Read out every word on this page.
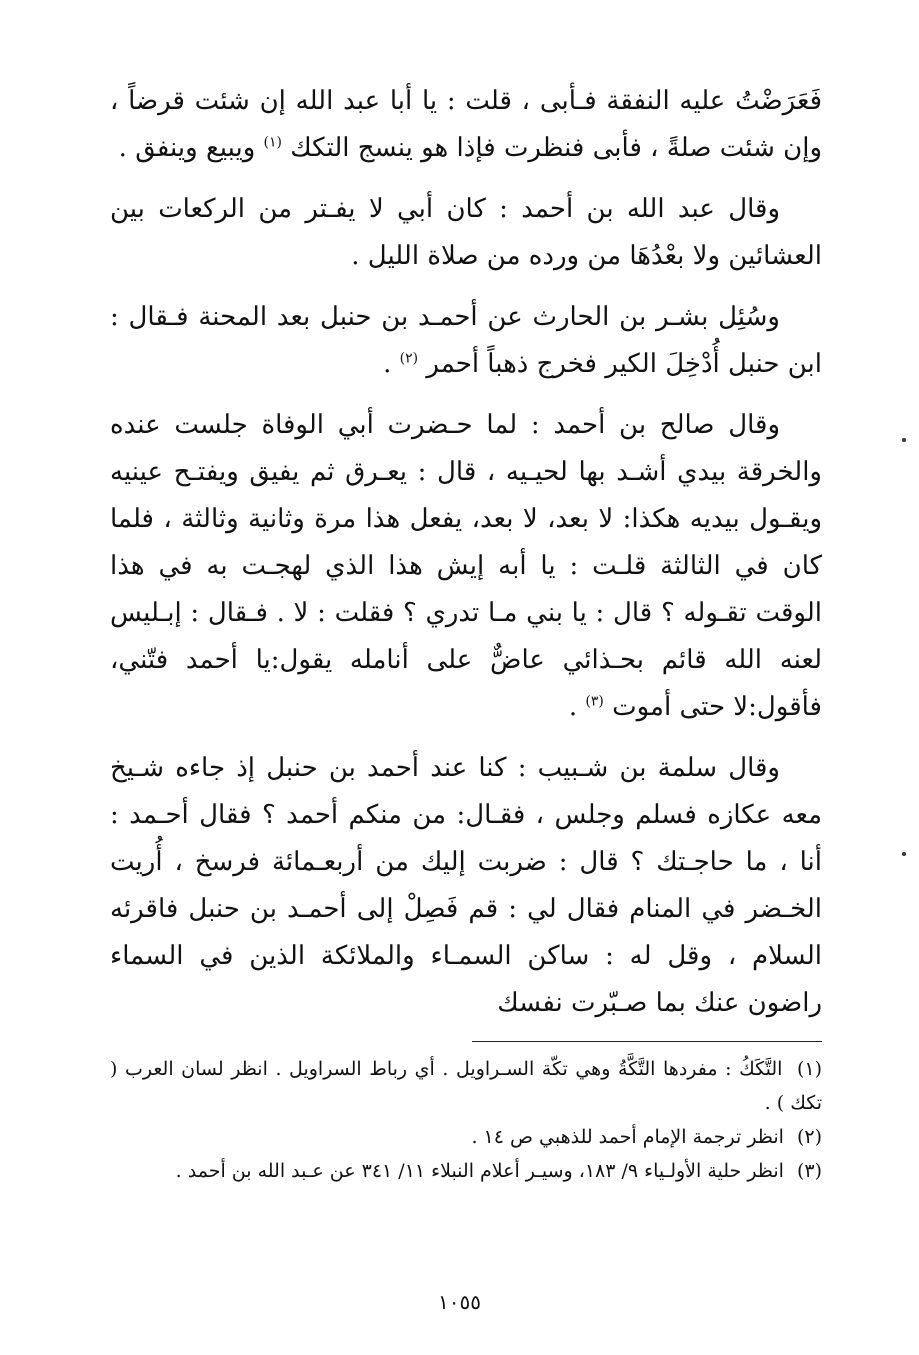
فَعَرَضْتُ عليه النفقة فـأبى ، قلت : يا أبا عبد الله إن شئت قرضاً ، وإن شئت صلةً ، فأبى فنظرت فإذا هو ينسج التكك $^{(١)}$ ويبيع وينفق .

وقال عبد الله بن أحمد : كان أبي لا يفـتر من الركعات بين العشائين ولا بعْدُهَا من ورده من صلاة الليل .

وسُئِل بشـر بن الحارث عن أحمـد بن حنبل بعد المحنة فـقال : ابن حنبل أُدْخِلَ الكير فخرج ذهباً أحمر $^{(٢)}$ .

وقال صالح بن أحمد : لما حـضرت أبي الوفاة جلست عنده والخرقة بيدي أشـد بها لحيـيه ، قال : يعـرق ثم يفيق ويفتـح عينيه ويقـول بيديه هكذا: لا بعد، لا بعد، يفعل هذا مرة وثانية وثالثة ، فلما كان في الثالثة قلـت : يا أبه إيش هذا الذي لهجـت به في هذا الوقت تقـوله ؟ قال : يا بني مـا تدري ؟ فقلت : لا . فـقال : إبـليس لعنه الله قائم بحـذائي عاضٌّ على أنامله يقول:يا أحمد فتّني، فأقول:لا حتى أموت $^{(٣)}$ .

وقال سلمة بن شـبيب : كنا عند أحمد بن حنبل إذ جاءه شـيخ معه عكازه فسلم وجلس ، فقـال: من منكم أحمد ؟ فقال أحـمد : أنا ، ما حاجـتك ؟ قال : ضربت إليك من أربعـمائة فرسخ ، أُريت الخـضر في المنام فقال لي : قم فَصِلْ إلى أحمـد بن حنبل فاقرئه السلام ، وقل له : ساكن السمـاء والملائكة الذين في السماء راضون عنك بما صـبّرت نفسك

(١) التَّكَكُ : مفردها التَّكَّةُ وهي تكّة السـراويل . أي رباط السراويل . انظر لسان العرب ( تكك ) .

(٢) انظر ترجمة الإمام أحمد للذهبي ص ١٤ .

(٣) انظر حلية الأولـياء ٩/ ١٨٣، وسيـر أعلام النبلاء ١١/ ٣٤١ عن عـبد الله بن أحمد .

١٠٥٥
